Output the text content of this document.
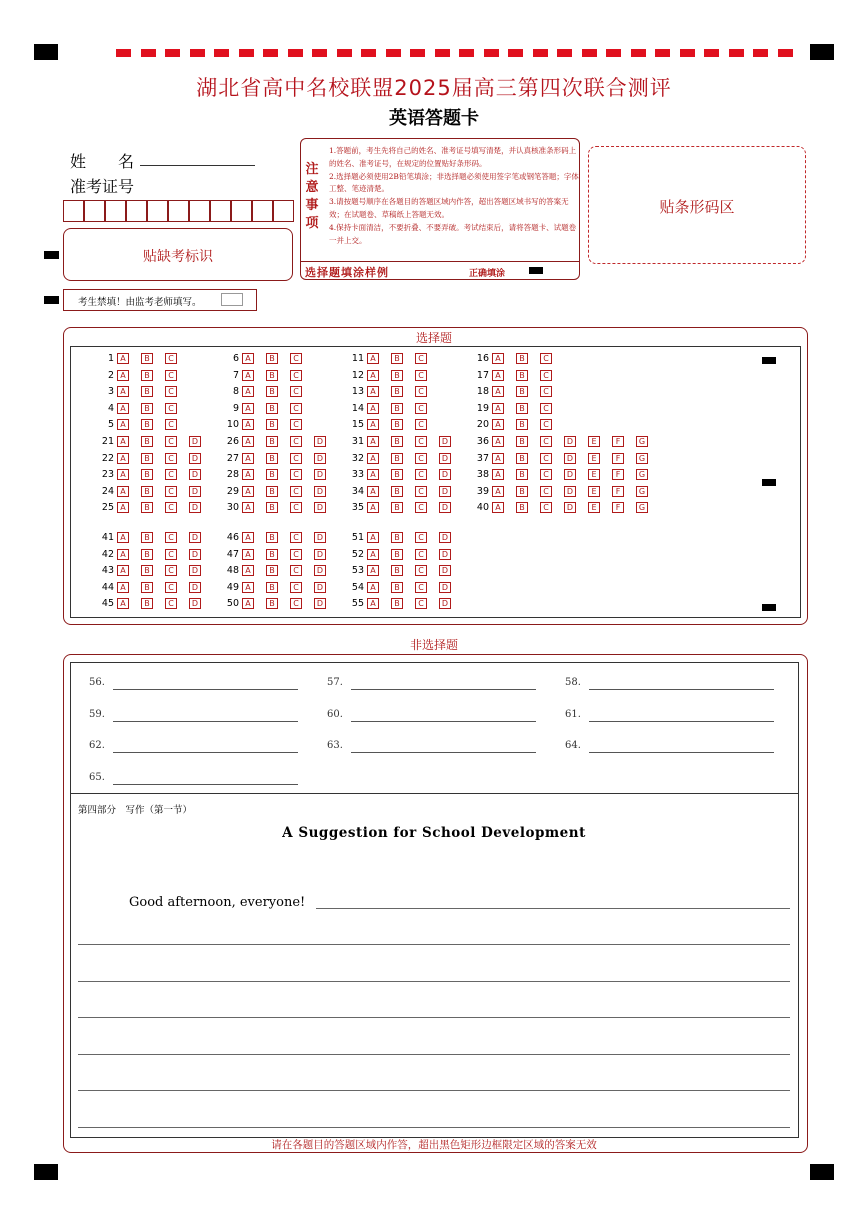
湖北省高中名校联盟2025届高三第四次联合测评
英语答题卡
姓　　名
准考证号
贴缺考标识
考生禁填！由监考老师填写。
注
意
事
项
1.答题前，考生先将自己的姓名、准考证号填写清楚，并认真核准条形码上的姓名、准考证号，在规定的位置贴好条形码。
2.选择题必须使用2B铅笔填涂；非选择题必须使用签字笔或钢笔答题；字体工整、笔迹清楚。
3.请按题号顺序在各题目的答题区域内作答，超出答题区域书写的答案无效；在试题卷、草稿纸上答题无效。
4.保持卡面清洁，不要折叠、不要弄破。考试结束后，请将答题卡、试题卷一并上交。
选择题填涂样例	正确填涂
贴条形码区
选择题
1 A	B	C
2 A	B	C
3 A	B	C
4 A	B	C
5 A	B	C
6 A	B	C
7 A	B	C
8 A	B	C
9 A	B	C
10 A	B	C
11 A	B	C
12 A	B	C
13 A	B	C
14 A	B	C
15 A	B	C
16 A	B	C
17 A	B	C
18 A	B	C
19 A	B	C
20 A	B	C
21 A	B	C	D
22 A	B	C	D
23 A	B	C	D
24 A	B	C	D
25 A	B	C	D
26 A	B	C	D
27 A	B	C	D
28 A	B	C	D
29 A	B	C	D
30 A	B	C	D
31 A	B	C	D
32 A	B	C	D
33 A	B	C	D
34 A	B	C	D
35 A	B	C	D
36 A	B	C	D	E	F	G
37 A	B	C	D	E	F	G
38 A	B	C	D	E	F	G
39 A	B	C	D	E	F	G
40 A	B	C	D	E	F	G
41 A	B	C	D
42 A	B	C	D
43 A	B	C	D
44 A	B	C	D
45 A	B	C	D
46 A	B	C	D
47 A	B	C	D
48 A	B	C	D
49 A	B	C	D
50 A	B	C	D
51 A	B	C	D
52 A	B	C	D
53 A	B	C	D
54 A	B	C	D
55 A	B	C	D
非选择题
56.	57.	58.
59.	60.	61.
62.	63.	64.
65.
第四部分　写作（第一节）
A Suggestion for School Development
Good afternoon, everyone!
请在各题目的答题区域内作答，超出黑色矩形边框限定区域的答案无效
